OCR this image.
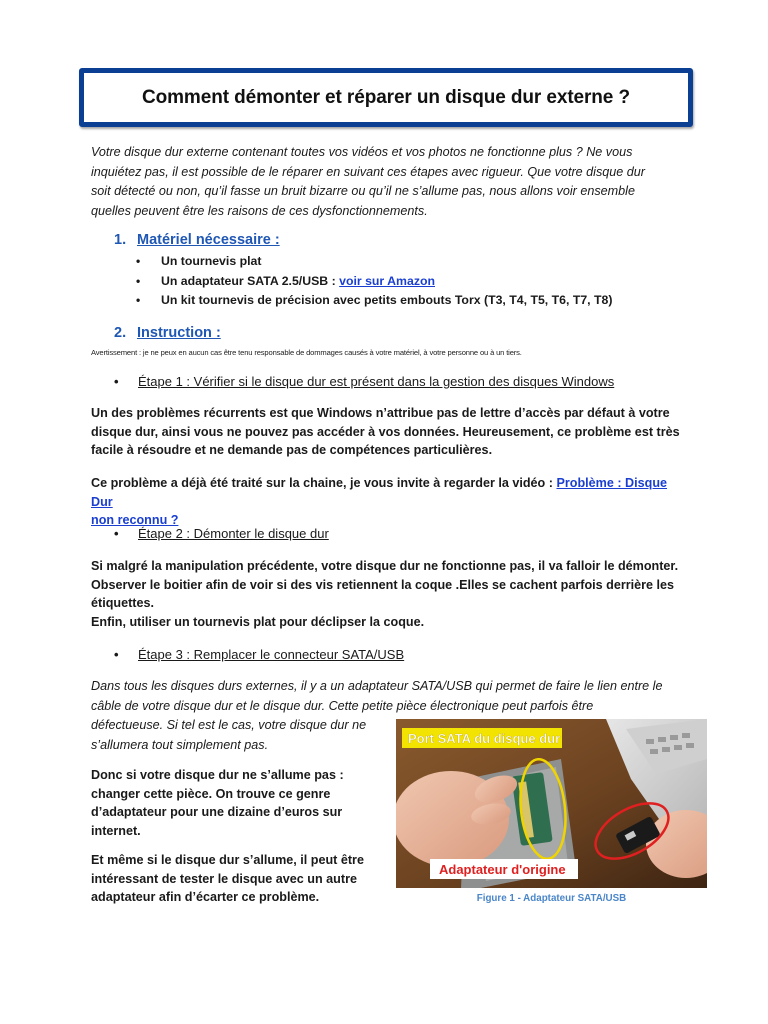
Comment démonter et réparer un disque dur externe ?
Votre disque dur externe contenant toutes vos vidéos et vos photos ne fonctionne plus ? Ne vous
inquiétez pas, il est possible de le réparer en suivant ces étapes avec rigueur. Que votre disque dur
soit détecté ou non, qu’il fasse un bruit bizarre ou qu’il ne s’allume pas, nous allons voir ensemble
quelles peuvent être les raisons de ces dysfonctionnements.
1. Matériel nécessaire :
• Un tournevis plat
• Un adaptateur SATA 2.5/USB : voir sur Amazon
• Un kit tournevis de précision avec petits embouts Torx (T3, T4, T5, T6, T7, T8)
2. Instruction :
Avertissement : je ne peux en aucun cas être tenu responsable de dommages causés à votre matériel, à votre personne ou à un tiers.
• Étape 1 : Vérifier si le disque dur est présent dans la gestion des disques Windows
Un des problèmes récurrents est que Windows n’attribue pas de lettre d’accès par défaut à votre
disque dur, ainsi vous ne pouvez pas accéder à vos données. Heureusement, ce problème est très
facile à résoudre et ne demande pas de compétences particulières.
Ce problème a déjà été traité sur la chaine, je vous invite à regarder la vidéo : Problème : Disque Dur
non reconnu ?
• Étape 2 : Démonter le disque dur
Si malgré la manipulation précédente, votre disque dur ne fonctionne pas, il va falloir le démonter.
Observer le boitier afin de voir si des vis retiennent la coque .Elles se cachent parfois derrière les
étiquettes.
Enfin, utiliser un tournevis plat pour déclipser la coque.
• Étape 3 : Remplacer le connecteur SATA/USB
Dans tous les disques durs externes, il y a un adaptateur SATA/USB qui permet de faire le lien entre le
câble de votre disque dur et le disque dur. Cette petite pièce électronique peut parfois être
défectueuse. Si tel est le cas, votre disque dur ne
s’allumera tout simplement pas.
Donc si votre disque dur ne s’allume pas :
changer cette pièce. On trouve ce genre
d’adaptateur pour une dizaine d’euros sur
internet.
Et même si le disque dur s’allume, il peut être
intéressant de tester le disque avec un autre
adaptateur afin d’écarter ce problème.
Port SATA du disque dur
Adaptateur d'origine
Figure 1 - Adaptateur SATA/USB
